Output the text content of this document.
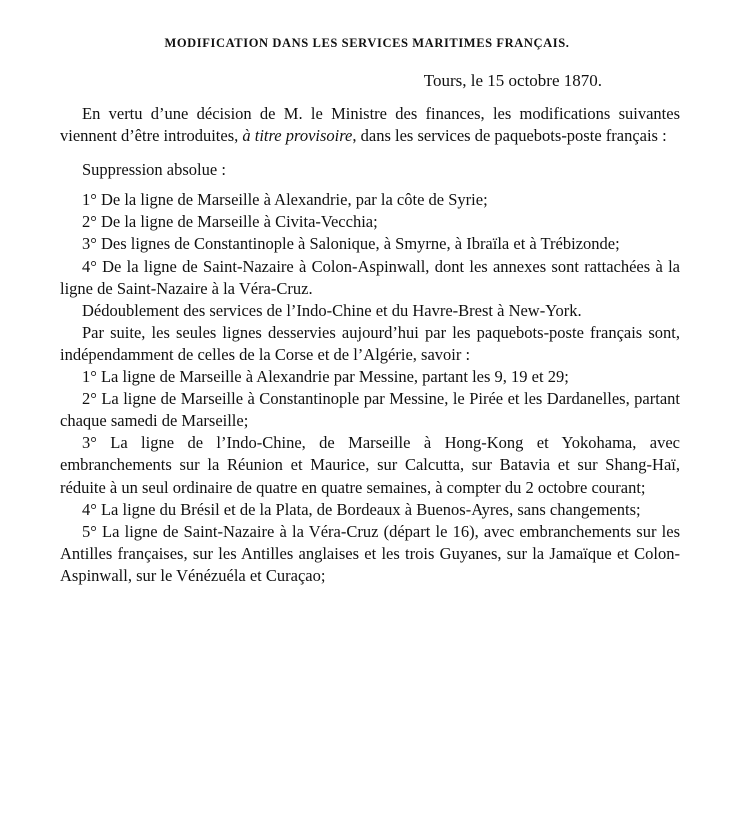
MODIFICATION DANS LES SERVICES MARITIMES FRANÇAIS.
Tours, le 15 octobre 1870.

En vertu d’une décision de M. le Ministre des finances, les modifications suivantes viennent d’être introduites, à titre provisoire, dans les services de paquebots-poste français :

Suppression absolue :

1° De la ligne de Marseille à Alexandrie, par la côte de Syrie;

2° De la ligne de Marseille à Civita-Vecchia;

3° Des lignes de Constantinople à Salonique, à Smyrne, à Ibraïla et à Trébizonde;

4° De la ligne de Saint-Nazaire à Colon-Aspinwall, dont les annexes sont rattachées à la ligne de Saint-Nazaire à la Véra-Cruz.

Dédoublement des services de l’Indo-Chine et du Havre-Brest à New-York.

Par suite, les seules lignes desservies aujourd’hui par les paquebots-poste français sont, indépendamment de celles de la Corse et de l’Algérie, savoir :

1° La ligne de Marseille à Alexandrie par Messine, partant les 9, 19 et 29;

2° La ligne de Marseille à Constantinople par Messine, le Pirée et les Dardanelles, partant chaque samedi de Marseille;

3° La ligne de l’Indo-Chine, de Marseille à Hong-Kong et Yokohama, avec embranchements sur la Réunion et Maurice, sur Calcutta, sur Batavia et sur Shang-Haï, réduite à un seul ordinaire de quatre en quatre semaines, à compter du 2 octobre courant;

4° La ligne du Brésil et de la Plata, de Bordeaux à Buenos-Ayres, sans changements;

5° La ligne de Saint-Nazaire à la Véra-Cruz (départ le 16), avec embranchements sur les Antilles françaises, sur les Antilles anglaises et les trois Guyanes, sur la Jamaïque et Colon-Aspinwall, sur le Vénézuéla et Curaçao;
